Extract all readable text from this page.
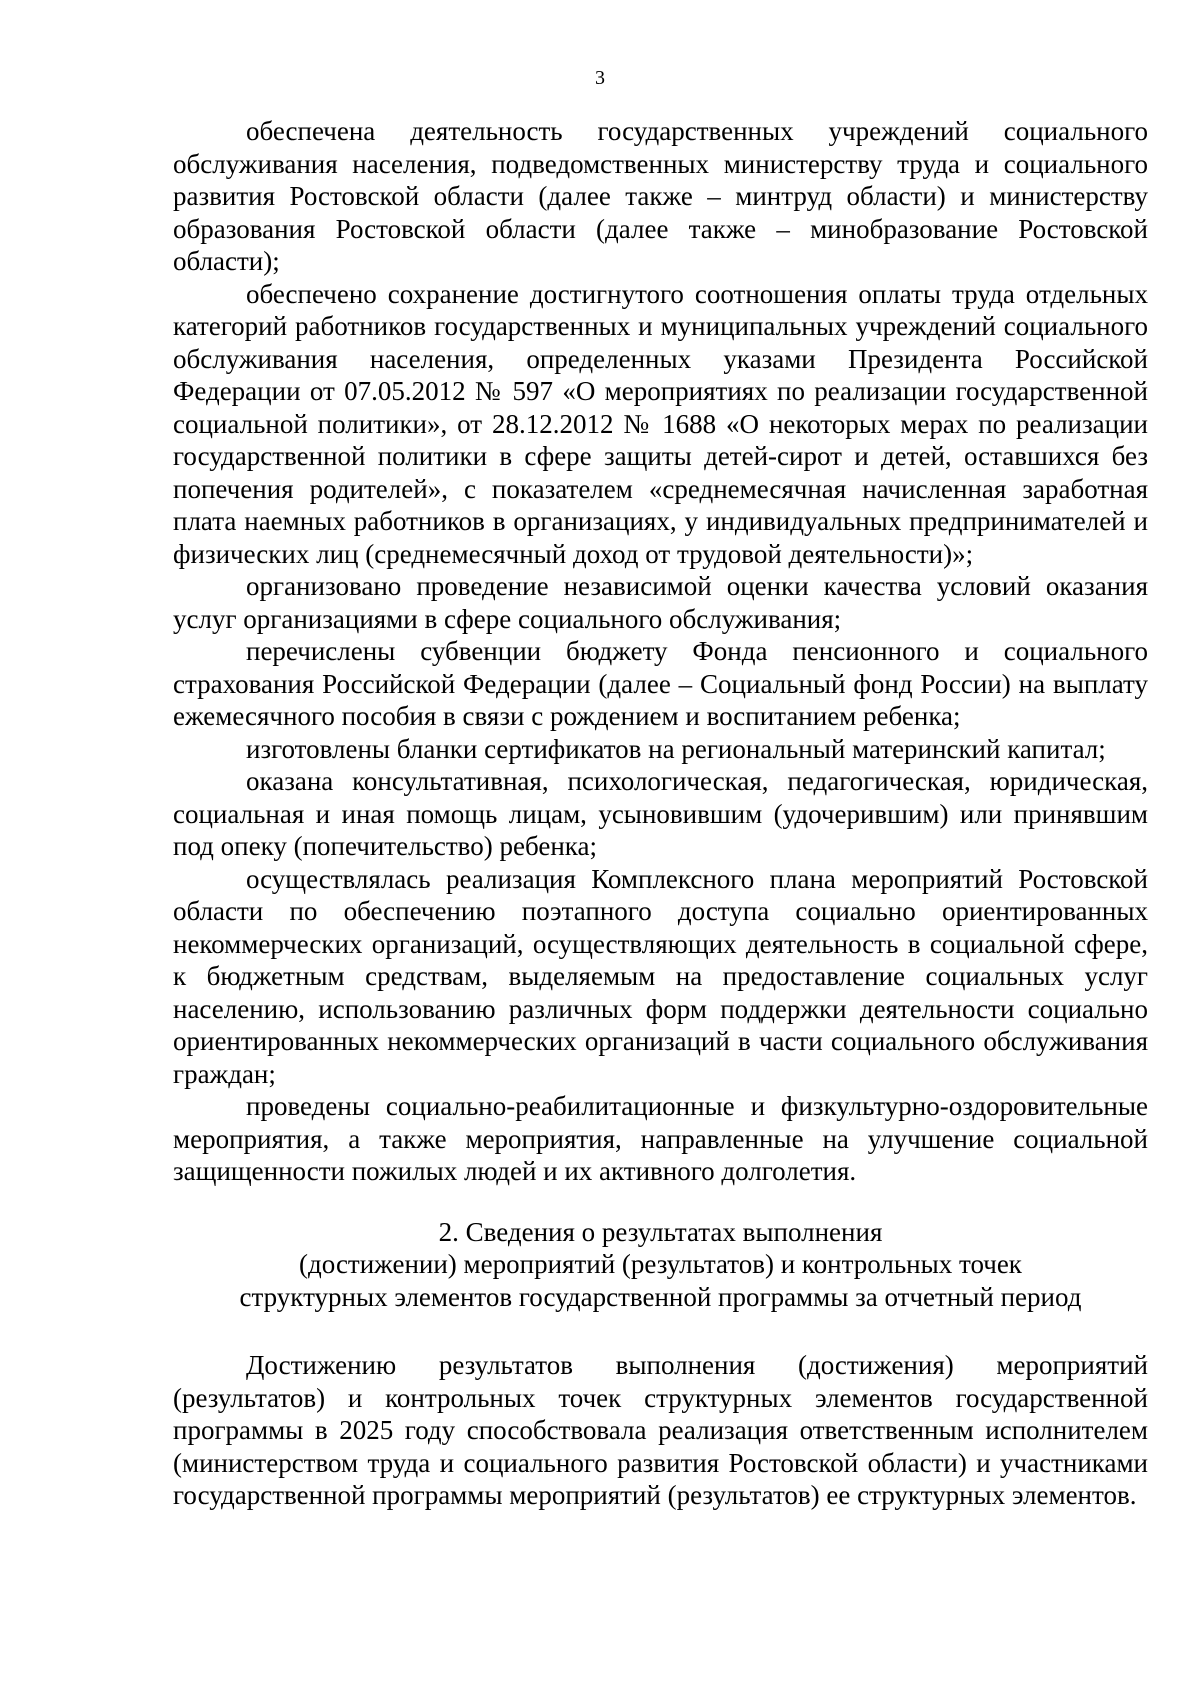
3

обеспечена деятельность государственных учреждений социального обслуживания населения, подведомственных министерству труда и социального развития Ростовской области (далее также – минтруд области) и министерству образования Ростовской области (далее также – минобразование Ростовской области);

обеспечено сохранение достигнутого соотношения оплаты труда отдельных категорий работников государственных и муниципальных учреждений социального обслуживания населения, определенных указами Президента Российской Федерации от 07.05.2012 № 597 «О мероприятиях по реализации государственной социальной политики», от 28.12.2012 № 1688 «О некоторых мерах по реализации государственной политики в сфере защиты детей-сирот и детей, оставшихся без попечения родителей», с показателем «среднемесячная начисленная заработная плата наемных работников в организациях, у индивидуальных предпринимателей и физических лиц (среднемесячный доход от трудовой деятельности)»;

организовано проведение независимой оценки качества условий оказания услуг организациями в сфере социального обслуживания;

перечислены субвенции бюджету Фонда пенсионного и социального страхования Российской Федерации (далее – Социальный фонд России) на выплату ежемесячного пособия в связи с рождением и воспитанием ребенка;

изготовлены бланки сертификатов на региональный материнский капитал;

оказана консультативная, психологическая, педагогическая, юридическая, социальная и иная помощь лицам, усыновившим (удочерившим) или принявшим под опеку (попечительство) ребенка;

осуществлялась реализация Комплексного плана мероприятий Ростовской области по обеспечению поэтапного доступа социально ориентированных некоммерческих организаций, осуществляющих деятельность в социальной сфере, к бюджетным средствам, выделяемым на предоставление социальных услуг населению, использованию различных форм поддержки деятельности социально ориентированных некоммерческих организаций в части социального обслуживания граждан;

проведены социально-реабилитационные и физкультурно-оздоровительные мероприятия, а также мероприятия, направленные на улучшение социальной защищенности пожилых людей и их активного долголетия.

2. Сведения о результатах выполнения
(достижении) мероприятий (результатов) и контрольных точек
структурных элементов государственной программы за отчетный период

Достижению результатов выполнения (достижения) мероприятий (результатов) и контрольных точек структурных элементов государственной программы в 2025 году способствовала реализация ответственным исполнителем (министерством труда и социального развития Ростовской области) и участниками государственной программы мероприятий (результатов) ее структурных элементов.
